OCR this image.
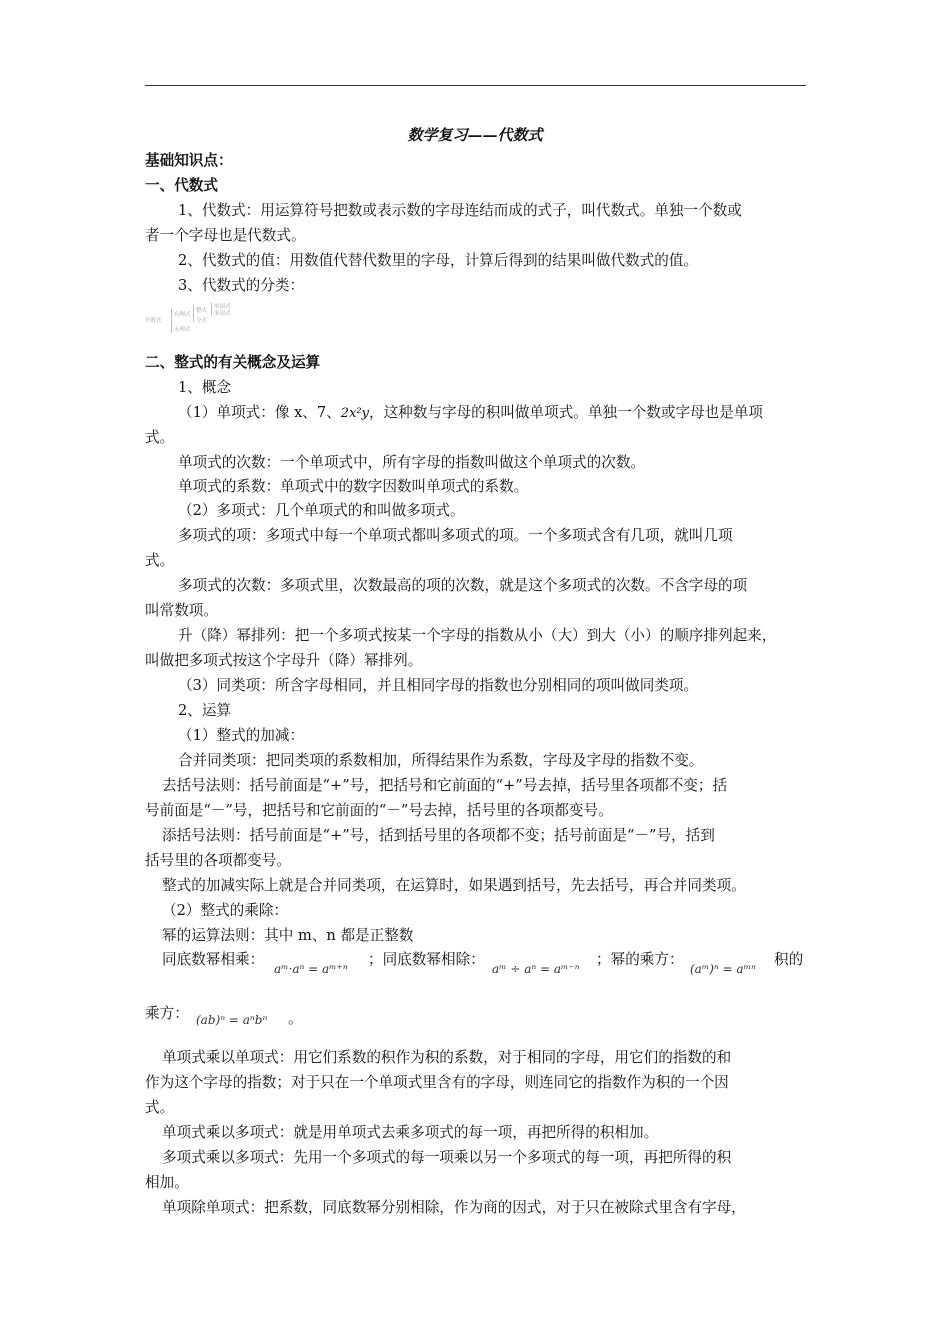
数学复习——代数式
基础知识点：
一、代数式
1、代数式：用运算符号把数或表示数的字母连结而成的式子，叫代数式。单独一个数或
者一个字母也是代数式。
2、代数式的值：用数值代替代数里的字母，计算后得到的结果叫做代数式的值。
3、代数式的分类：
代数式
有理式
无理式
整式
分式
单项式
多项式
二、整式的有关概念及运算
1、概念
（1）单项式：像 x、7、2x²y，这种数与字母的积叫做单项式。单独一个数或字母也是单项
式。
单项式的次数：一个单项式中，所有字母的指数叫做这个单项式的次数。
单项式的系数：单项式中的数字因数叫单项式的系数。
（2）多项式：几个单项式的和叫做多项式。
多项式的项：多项式中每一个单项式都叫多项式的项。一个多项式含有几项，就叫几项
式。
多项式的次数：多项式里，次数最高的项的次数，就是这个多项式的次数。不含字母的项
叫常数项。
升（降）幂排列：把一个多项式按某一个字母的指数从小（大）到大（小）的顺序排列起来，
叫做把多项式按这个字母升（降）幂排列。
（3）同类项：所含字母相同，并且相同字母的指数也分别相同的项叫做同类项。
2、运算
（1）整式的加减：
合并同类项：把同类项的系数相加，所得结果作为系数，字母及字母的指数不变。
去括号法则：括号前面是“+”号，把括号和它前面的“+”号去掉，括号里各项都不变；括
号前面是“－”号，把括号和它前面的“－”号去掉，括号里的各项都变号。
添括号法则：括号前面是“+”号，括到括号里的各项都不变；括号前面是“－”号，括到
括号里的各项都变号。
整式的加减实际上就是合并同类项，在运算时，如果遇到括号，先去括号，再合并同类项。
（2）整式的乘除：
幂的运算法则：其中 m、n 都是正整数
同底数幂相乘：
aᵐ·aⁿ = aᵐ⁺ⁿ
；同底数幂相除：
aᵐ ÷ aⁿ = aᵐ⁻ⁿ
；幂的乘方：
(aᵐ)ⁿ = aᵐⁿ
积的
乘方： (ab)ⁿ = aⁿbⁿ 。
单项式乘以单项式：用它们系数的积作为积的系数，对于相同的字母，用它们的指数的和
作为这个字母的指数；对于只在一个单项式里含有的字母，则连同它的指数作为积的一个因
式。
单项式乘以多项式：就是用单项式去乘多项式的每一项，再把所得的积相加。
多项式乘以多项式：先用一个多项式的每一项乘以另一个多项式的每一项，再把所得的积
相加。
单项除单项式：把系数，同底数幂分别相除，作为商的因式，对于只在被除式里含有字母，
